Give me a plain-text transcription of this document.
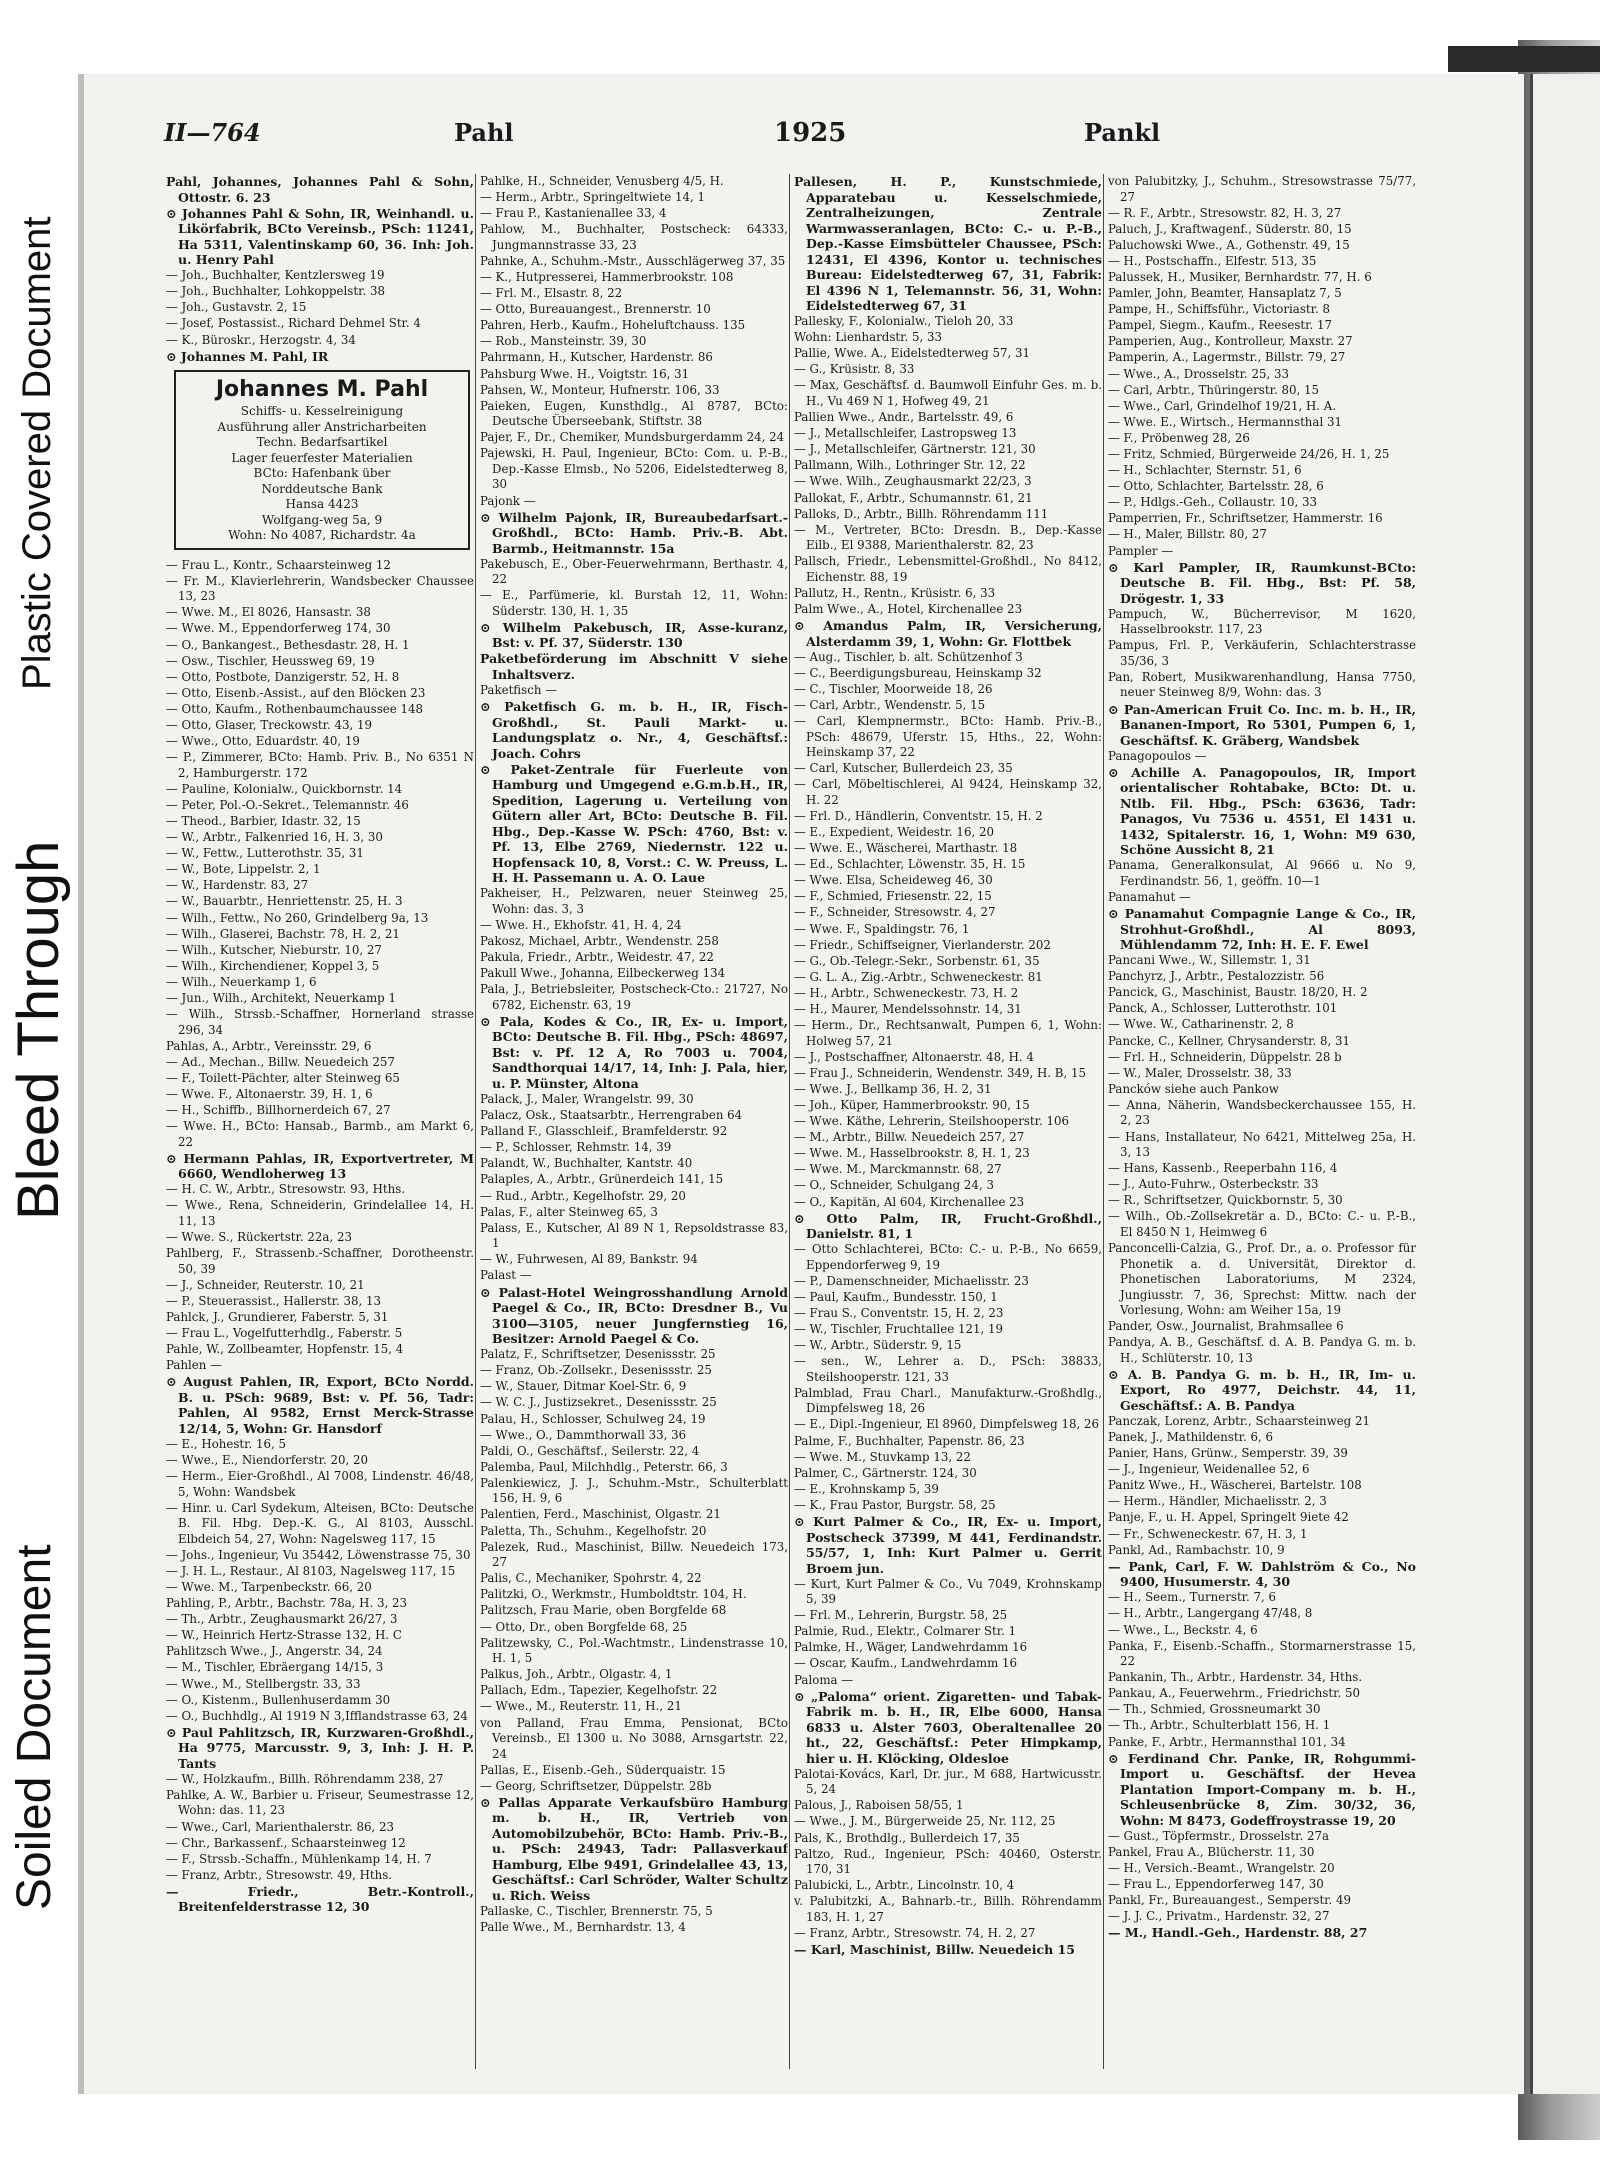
Plastic Covered Document
Bleed Through
Soiled Document
II—764	Pahl	1925	Pankl
Pahl, Johannes, Johannes Pahl & Sohn, Ottostr. 6. 23
⊙ Johannes Pahl & Sohn, IR, Weinhandl. u. Likörfabrik, BCto Vereinsb., PSch: 11241, Ha 5311, Valentinskamp 60, 36. Inh: Joh. u. Henry Pahl
— Joh., Buchhalter, Kentzlersweg 19
— Joh., Buchhalter, Lohkoppelstr. 38
— Joh., Gustavstr. 2, 15
— Josef, Postassist., Richard Dehmel Str. 4
— K., Büroskr., Herzogstr. 4, 34
⊙ Johannes M. Pahl, IR
Johannes M. Pahl
Schiffs- u. Kesselreinigung
Ausführung aller Anstricharbeiten
Techn. Bedarfsartikel
Lager feuerfester Materialien
BCto: Hafenbank über
Norddeutsche Bank
Hansa 4423
Wolfgang-weg 5a, 9
Wohn: No 4087, Richardstr. 4a
— Frau L., Kontr., Schaarsteinweg 12
— Fr. M., Klavierlehrerin, Wandsbecker Chaussee 13, 23
— Wwe. M., El 8026, Hansastr. 38
— Wwe. M., Eppendorferweg 174, 30
— O., Bankangest., Bethesdastr. 28, H. 1
— Osw., Tischler, Heussweg 69, 19
— Otto, Postbote, Danzigerstr. 52, H. 8
— Otto, Eisenb.-Assist., auf den Blöcken 23
— Otto, Kaufm., Rothenbaumchaussee 148
— Otto, Glaser, Treckowstr. 43, 19
— Wwe., Otto, Eduardstr. 40, 19
— P., Zimmerer, BCto: Hamb. Priv. B., No 6351 N 2, Hamburgerstr. 172
— Pauline, Kolonialw., Quickbornstr. 14
— Peter, Pol.-O.-Sekret., Telemannstr. 46
— Theod., Barbier, Idastr. 32, 15
— W., Arbtr., Falkenried 16, H. 3, 30
— W., Fettw., Lutterothstr. 35, 31
— W., Bote, Lippelstr. 2, 1
— W., Hardenstr. 83, 27
— W., Bauarbtr., Henriettenstr. 25, H. 3
— Wilh., Fettw., No 260, Grindelberg 9a, 13
— Wilh., Glaserei, Bachstr. 78, H. 2, 21
— Wilh., Kutscher, Nieburstr. 10, 27
— Wilh., Kirchendiener, Koppel 3, 5
— Wilh., Neuerkamp 1, 6
— Jun., Wilh., Architekt, Neuerkamp 1
— Wilh., Strssb.-Schaffner, Hornerland strasse 296, 34
Pahlas, A., Arbtr., Vereinsstr. 29, 6
— Ad., Mechan., Billw. Neuedeich 257
— F., Toilett-Pächter, alter Steinweg 65
— Wwe. F., Altonaerstr. 39, H. 1, 6
— H., Schiffb., Billhornerdeich 67, 27
— Wwe. H., BCto: Hansab., Barmb., am Markt 6, 22
⊙ Hermann Pahlas, IR, Exportvertreter, M 6660, Wendloherweg 13
— H. C. W., Arbtr., Stresowstr. 93, Hths.
— Wwe., Rena, Schneiderin, Grindelallee 14, H. 11, 13
— Wwe. S., Rückertstr. 22a, 23
Pahlberg, F., Strassenb.-Schaffner, Dorotheenstr. 50, 39
— J., Schneider, Reuterstr. 10, 21
— P., Steuerassist., Hallerstr. 38, 13
Pahlck, J., Grundierer, Faberstr. 5, 31
— Frau L., Vogelfutterhdlg., Faberstr. 5
Pahle, W., Zollbeamter, Hopfenstr. 15, 4
Pahlen —
⊙ August Pahlen, IR, Export, BCto Nordd. B. u. PSch: 9689, Bst: v. Pf. 56, Tadr: Pahlen, Al 9582, Ernst Merck-Strasse 12/14, 5, Wohn: Gr. Hansdorf
— E., Hohestr. 16, 5
— Wwe., E., Niendorferstr. 20, 20
— Herm., Eier-Großhdl., Al 7008, Lindenstr. 46/48, 5, Wohn: Wandsbek
— Hinr. u. Carl Sydekum, Alteisen, BCto: Deutsche B. Fil. Hbg. Dep.-K. G., Al 8103, Ausschl. Elbdeich 54, 27, Wohn: Nagelsweg 117, 15
— Johs., Ingenieur, Vu 35442, Löwenstrasse 75, 30
— J. H. L., Restaur., Al 8103, Nagelsweg 117, 15
— Wwe. M., Tarpenbeckstr. 66, 20
Pahling, P., Arbtr., Bachstr. 78a, H. 3, 23
— Th., Arbtr., Zeughausmarkt 26/27, 3
— W., Heinrich Hertz-Strasse 132, H. C
Pahlitzsch Wwe., J., Angerstr. 34, 24
— M., Tischler, Ebräergang 14/15, 3
— Wwe., M., Stellbergstr. 33, 33
— O., Kistenm., Bullenhuserdamm 30
— O., Buchhdlg., Al 1919 N 3,Ifflandstrasse 63, 24
⊙ Paul Pahlitzsch, IR, Kurzwaren-Großhdl., Ha 9775, Marcusstr. 9, 3, Inh: J. H. P. Tants
— W., Holzkaufm., Billh. Röhrendamm 238, 27
Pahlke, A. W., Barbier u. Friseur, Seumestrasse 12, Wohn: das. 11, 23
— Wwe., Carl, Marienthalerstr. 86, 23
— Chr., Barkassenf., Schaarsteinweg 12
— F., Strssb.-Schaffn., Mühlenkamp 14, H. 7
— Franz, Arbtr., Stresowstr. 49, Hths.
— Friedr., Betr.-Kontroll., Breitenfelderstrasse 12, 30
Pahlke, H., Schneider, Venusberg 4/5, H.
— Herm., Arbtr., Springeltwiete 14, 1
— Frau P., Kastanienallee 33, 4
Pahlow, M., Buchhalter, Postscheck: 64333, Jungmannstrasse 33, 23
Pahnke, A., Schuhm.-Mstr., Ausschlägerweg 37, 35
— K., Hutpresserei, Hammerbrookstr. 108
— Frl. M., Elsastr. 8, 22
— Otto, Bureauangest., Brennerstr. 10
Pahren, Herb., Kaufm., Hoheluftchauss. 135
— Rob., Mansteinstr. 39, 30
Pahrmann, H., Kutscher, Hardenstr. 86
Pahsburg Wwe. H., Voigtstr. 16, 31
Pahsen, W., Monteur, Hufnerstr. 106, 33
Paieken, Eugen, Kunsthdlg., Al 8787, BCto: Deutsche Überseebank, Stiftstr. 38
Pajer, F., Dr., Chemiker, Mundsburgerdamm 24, 24
Pajewski, H. Paul, Ingenieur, BCto: Com. u. P.-B., Dep.-Kasse Elmsb., No 5206, Eidelstedterweg 8, 30
Pajonk —
⊙ Wilhelm Pajonk, IR, Bureaubedarfsart.-Großhdl., BCto: Hamb. Priv.-B. Abt. Barmb., Heitmannstr. 15a
Pakebusch, E., Ober-Feuerwehrmann, Berthastr. 4, 22
— E., Parfümerie, kl. Burstah 12, 11, Wohn: Süderstr. 130, H. 1, 35
⊙ Wilhelm Pakebusch, IR, Asse-kuranz, Bst: v. Pf. 37, Süderstr. 130
Paketbeförderung im Abschnitt V siehe Inhaltsverz.
Paketfisch —
⊙ Paketfisch G. m. b. H., IR, Fisch-Großhdl., St. Pauli Markt- u. Landungsplatz o. Nr., 4, Geschäftsf.: Joach. Cohrs
⊙ Paket-Zentrale für Fuerleute von Hamburg und Umgegend e.G.m.b.H., IR, Spedition, Lagerung u. Verteilung von Gütern aller Art, BCto: Deutsche B. Fil. Hbg., Dep.-Kasse W. PSch: 4760, Bst: v. Pf. 13, Elbe 2769, Niedernstr. 122 u. Hopfensack 10, 8, Vorst.: C. W. Preuss, L. H. H. Passemann u. A. O. Laue
Pakheiser, H., Pelzwaren, neuer Steinweg 25, Wohn: das. 3, 3
— Wwe. H., Ekhofstr. 41, H. 4, 24
Pakosz, Michael, Arbtr., Wendenstr. 258
Pakula, Friedr., Arbtr., Weidestr. 47, 22
Pakull Wwe., Johanna, Eilbeckerweg 134
Pala, J., Betriebsleiter, Postscheck-Cto.: 21727, No 6782, Eichenstr. 63, 19
⊙ Pala, Kodes & Co., IR, Ex- u. Import, BCto: Deutsche B. Fil. Hbg., PSch: 48697, Bst: v. Pf. 12 A, Ro 7003 u. 7004, Sandthorquai 14/17, 14, Inh: J. Pala, hier, u. P. Münster, Altona
Palack, J., Maler, Wrangelstr. 99, 30
Palacz, Osk., Staatsarbtr., Herrengraben 64
Palland F., Glasschleif., Bramfelderstr. 92
— P., Schlosser, Rehmstr. 14, 39
Palandt, W., Buchhalter, Kantstr. 40
Palaples, A., Arbtr., Grünerdeich 141, 15
— Rud., Arbtr., Kegelhofstr. 29, 20
Palas, F., alter Steinweg 65, 3
Palass, E., Kutscher, Al 89 N 1, Repsoldstrasse 83, 1
— W., Fuhrwesen, Al 89, Bankstr. 94
Palast —
⊙ Palast-Hotel Weingrosshandlung Arnold Paegel & Co., IR, BCto: Dresdner B., Vu 3100—3105, neuer Jungfernstieg 16, Besitzer: Arnold Paegel & Co.
Palatz, F., Schriftsetzer, Desenissstr. 25
— Franz, Ob.-Zollsekr., Desenissstr. 25
— W., Stauer, Ditmar Koel-Str. 6, 9
— W. C. J., Justizsekret., Desenissstr. 25
Palau, H., Schlosser, Schulweg 24, 19
— Wwe., O., Dammthorwall 33, 36
Paldi, O., Geschäftsf., Seilerstr. 22, 4
Palemba, Paul, Milchhdlg., Peterstr. 66, 3
Palenkiewicz, J. J., Schuhm.-Mstr., Schulterblatt 156, H. 9, 6
Palentien, Ferd., Maschinist, Olgastr. 21
Paletta, Th., Schuhm., Kegelhofstr. 20
Palezek, Rud., Maschinist, Billw. Neuedeich 173, 27
Palis, C., Mechaniker, Spohrstr. 4, 22
Palitzki, O., Werkmstr., Humboldtstr. 104, H.
Palitzsch, Frau Marie, oben Borgfelde 68
— Otto, Dr., oben Borgfelde 68, 25
Palitzewsky, C., Pol.-Wachtmstr., Lindenstrasse 10, H. 1, 5
Palkus, Joh., Arbtr., Olgastr. 4, 1
Pallach, Edm., Tapezier, Kegelhofstr. 22
— Wwe., M., Reuterstr. 11, H., 21
von Palland, Frau Emma, Pensionat, BCto Vereinsb., El 1300 u. No 3088, Arnsgartstr. 22, 24
Pallas, E., Eisenb.-Geh., Süderquaistr. 15
— Georg, Schriftsetzer, Düppelstr. 28b
⊙ Pallas Apparate Verkaufsbüro Hamburg m. b. H., IR, Vertrieb von Automobilzubehör, BCto: Hamb. Priv.-B., u. PSch: 24943, Tadr: Pallasverkauf Hamburg, Elbe 9491, Grindelallee 43, 13, Geschäftsf.: Carl Schröder, Walter Schultz u. Rich. Weiss
Pallaske, C., Tischler, Brennerstr. 75, 5
Palle Wwe., M., Bernhardstr. 13, 4
Pallesen, H. P., Kunstschmiede, Apparatebau u. Kesselschmiede, Zentralheizungen, Zentrale Warmwasseranlagen, BCto: C.- u. P.-B., Dep.-Kasse Eimsbütteler Chaussee, PSch: 12431, El 4396, Kontor u. technisches Bureau: Eidelstedterweg 67, 31, Fabrik: El 4396 N 1, Telemannstr. 56, 31, Wohn: Eidelstedterweg 67, 31
Pallesky, F., Kolonialw., Tieloh 20, 33
Wohn: Lienhardstr. 5, 33
Pallie, Wwe. A., Eidelstedterweg 57, 31
— G., Krüsistr. 8, 33
— Max, Geschäftsf. d. Baumwoll Einfuhr Ges. m. b. H., Vu 469 N 1, Hofweg 49, 21
Pallien Wwe., Andr., Bartelsstr. 49, 6
— J., Metallschleifer, Lastropsweg 13
— J., Metallschleifer, Gärtnerstr. 121, 30
Pallmann, Wilh., Lothringer Str. 12, 22
— Wwe. Wilh., Zeughausmarkt 22/23, 3
Pallokat, F., Arbtr., Schumannstr. 61, 21
Palloks, D., Arbtr., Billh. Röhrendamm 111
— M., Vertreter, BCto: Dresdn. B., Dep.-Kasse Eilb., El 9388, Marienthalerstr. 82, 23
Pallsch, Friedr., Lebensmittel-Großhdl., No 8412, Eichenstr. 88, 19
Pallutz, H., Rentn., Krüsistr. 6, 33
Palm Wwe., A., Hotel, Kirchenallee 23
⊙ Amandus Palm, IR, Versicherung, Alsterdamm 39, 1, Wohn: Gr. Flottbek
— Aug., Tischler, b. alt. Schützenhof 3
— C., Beerdigungsbureau, Heinskamp 32
— C., Tischler, Moorweide 18, 26
— Carl, Arbtr., Wendenstr. 5, 15
— Carl, Klempnermstr., BCto: Hamb. Priv.-B., PSch: 48679, Uferstr. 15, Hths., 22, Wohn: Heinskamp 37, 22
— Carl, Kutscher, Bullerdeich 23, 35
— Carl, Möbeltischlerei, Al 9424, Heinskamp 32, H. 22
— Frl. D., Händlerin, Conventstr. 15, H. 2
— E., Expedient, Weidestr. 16, 20
— Wwe. E., Wäscherei, Marthastr. 18
— Ed., Schlachter, Löwenstr. 35, H. 15
— Wwe. Elsa, Scheideweg 46, 30
— F., Schmied, Friesenstr. 22, 15
— F., Schneider, Stresowstr. 4, 27
— Wwe. F., Spaldingstr. 76, 1
— Friedr., Schiffseigner, Vierlanderstr. 202
— G., Ob.-Telegr.-Sekr., Sorbenstr. 61, 35
— G. L. A., Zig.-Arbtr., Schweneckestr. 81
— H., Arbtr., Schweneckestr. 73, H. 2
— H., Maurer, Mendelssohnstr. 14, 31
— Herm., Dr., Rechtsanwalt, Pumpen 6, 1, Wohn: Holweg 57, 21
— J., Postschaffner, Altonaerstr. 48, H. 4
— Frau J., Schneiderin, Wendenstr. 349, H. B, 15
— Wwe. J., Bellkamp 36, H. 2, 31
— Joh., Küper, Hammerbrookstr. 90, 15
— Wwe. Käthe, Lehrerin, Steilshooperstr. 106
— M., Arbtr., Billw. Neuedeich 257, 27
— Wwe. M., Hasselbrookstr. 8, H. 1, 23
— Wwe. M., Marckmannstr. 68, 27
— O., Schneider, Schulgang 24, 3
— O., Kapitän, Al 604, Kirchenallee 23
⊙ Otto Palm, IR, Frucht-Großhdl., Danielstr. 81, 1
— Otto Schlachterei, BCto: C.- u. P.-B., No 6659, Eppendorferweg 9, 19
— P., Damenschneider, Michaelisstr. 23
— Paul, Kaufm., Bundesstr. 150, 1
— Frau S., Conventstr. 15, H. 2, 23
— W., Tischler, Fruchtallee 121, 19
— W., Arbtr., Süderstr. 9, 15
— sen., W., Lehrer a. D., PSch: 38833, Steilshooperstr. 121, 33
Palmblad, Frau Charl., Manufakturw.-Großhdlg., Dimpfelsweg 18, 26
— E., Dipl.-Ingenieur, El 8960, Dimpfelsweg 18, 26
Palme, F., Buchhalter, Papenstr. 86, 23
— Wwe. M., Stuvkamp 13, 22
Palmer, C., Gärtnerstr. 124, 30
— E., Krohnskamp 5, 39
— K., Frau Pastor, Burgstr. 58, 25
⊙ Kurt Palmer & Co., IR, Ex- u. Import, Postscheck 37399, M 441, Ferdinandstr. 55/57, 1, Inh: Kurt Palmer u. Gerrit Broem jun.
— Kurt, Kurt Palmer & Co., Vu 7049, Krohnskamp 5, 39
— Frl. M., Lehrerin, Burgstr. 58, 25
Palmie, Rud., Elektr., Colmarer Str. 1
Palmke, H., Wäger, Landwehrdamm 16
— Oscar, Kaufm., Landwehrdamm 16
Paloma —
⊙ „Paloma“ orient. Zigaretten- und Tabak-Fabrik m. b. H., IR, Elbe 6000, Hansa 6833 u. Alster 7603, Oberaltenallee 20 ht., 22, Geschäftsf.: Peter Himpkamp, hier u. H. Klöcking, Oldesloe
Palotai-Kovács, Karl, Dr. jur., M 688, Hartwicusstr. 5, 24
Palous, J., Raboisen 58/55, 1
— Wwe., J. M., Bürgerweide 25, Nr. 112, 25
Pals, K., Brothdlg., Bullerdeich 17, 35
Paltzo, Rud., Ingenieur, PSch: 40460, Osterstr. 170, 31
Palubicki, L., Arbtr., Lincolnstr. 10, 4
v. Palubitzki, A., Bahnarb.-tr., Billh. Röhrendamm 183, H. 1, 27
— Franz, Arbtr., Stresowstr. 74, H. 2, 27
— Karl, Maschinist, Billw. Neuedeich 15
von Palubitzky, J., Schuhm., Stresowstrasse 75/77, 27
— R. F., Arbtr., Stresowstr. 82, H. 3, 27
Paluch, J., Kraftwagenf., Süderstr. 80, 15
Paluchowski Wwe., A., Gothenstr. 49, 15
— H., Postschaffn., Elfestr. 513, 35
Palussek, H., Musiker, Bernhardstr. 77, H. 6
Pamler, John, Beamter, Hansaplatz 7, 5
Pampe, H., Schiffsführ., Victoriastr. 8
Pampel, Siegm., Kaufm., Reesestr. 17
Pamperien, Aug., Kontrolleur, Maxstr. 27
Pamperin, A., Lagermstr., Billstr. 79, 27
— Wwe., A., Drosselstr. 25, 33
— Carl, Arbtr., Thüringerstr. 80, 15
— Wwe., Carl, Grindelhof 19/21, H. A.
— Wwe. E., Wirtsch., Hermannsthal 31
— F., Pröbenweg 28, 26
— Fritz, Schmied, Bürgerweide 24/26, H. 1, 25
— H., Schlachter, Sternstr. 51, 6
— Otto, Schlachter, Bartelsstr. 28, 6
— P., Hdlgs.-Geh., Collaustr. 10, 33
Pamperrien, Fr., Schriftsetzer, Hammerstr. 16
— H., Maler, Billstr. 80, 27
Pampler —
⊙ Karl Pampler, IR, Raumkunst-BCto: Deutsche B. Fil. Hbg., Bst: Pf. 58, Drögestr. 1, 33
Pampuch, W., Bücherrevisor, M 1620, Hasselbrookstr. 117, 23
Pampus, Frl. P., Verkäuferin, Schlachterstrasse 35/36, 3
Pan, Robert, Musikwarenhandlung, Hansa 7750, neuer Steinweg 8/9, Wohn: das. 3
⊙ Pan-American Fruit Co. Inc. m. b. H., IR, Bananen-Import, Ro 5301, Pumpen 6, 1, Geschäftsf. K. Gräberg, Wandsbek
Panagopoulos —
⊙ Achille A. Panagopoulos, IR, Import orientalischer Rohtabake, BCto: Dt. u. Ntlb. Fil. Hbg., PSch: 63636, Tadr: Panagos, Vu 7536 u. 4551, El 1431 u. 1432, Spitalerstr. 16, 1, Wohn: M9 630, Schöne Aussicht 8, 21
Panama, Generalkonsulat, Al 9666 u. No 9, Ferdinandstr. 56, 1, geöffn. 10—1
Panamahut —
⊙ Panamahut Compagnie Lange & Co., IR, Strohhut-Großhdl., Al 8093, Mühlendamm 72, Inh: H. E. F. Ewel
Pancani Wwe., W., Sillemstr. 1, 31
Panchyrz, J., Arbtr., Pestalozzistr. 56
Pancick, G., Maschinist, Baustr. 18/20, H. 2
Panck, A., Schlosser, Lutterothstr. 101
— Wwe. W., Catharinenstr. 2, 8
Pancke, C., Kellner, Chrysanderstr. 8, 31
— Frl. H., Schneiderin, Düppelstr. 28 b
— W., Maler, Drosselstr. 38, 33
Pancków siehe auch Pankow
— Anna, Näherin, Wandsbeckerchaussee 155, H. 2, 23
— Hans, Installateur, No 6421, Mittelweg 25a, H. 3, 13
— Hans, Kassenb., Reeperbahn 116, 4
— J., Auto-Fuhrw., Osterbeckstr. 33
— R., Schriftsetzer, Quickbornstr. 5, 30
— Wilh., Ob.-Zollsekretär a. D., BCto: C.- u. P.-B., El 8450 N 1, Heimweg 6
Panconcelli-Calzia, G., Prof. Dr., a. o. Professor für Phonetik a. d. Universität, Direktor d. Phonetischen Laboratoriums, M 2324, Jungiusstr. 7, 36, Sprechst: Mittw. nach der Vorlesung, Wohn: am Weiher 15a, 19
Pander, Osw., Journalist, Brahmsallee 6
Pandya, A. B., Geschäftsf. d. A. B. Pandya G. m. b. H., Schlüterstr. 10, 13
⊙ A. B. Pandya G. m. b. H., IR, Im- u. Export, Ro 4977, Deichstr. 44, 11, Geschäftsf.: A. B. Pandya
Panczak, Lorenz, Arbtr., Schaarsteinweg 21
Panek, J., Mathildenstr. 6, 6
Panier, Hans, Grünw., Semperstr. 39, 39
— J., Ingenieur, Weidenallee 52, 6
Panitz Wwe., H., Wäscherei, Bartelstr. 108
— Herm., Händler, Michaelisstr. 2, 3
Panje, F., u. H. Appel, Springelt 9iete 42
— Fr., Schweneckestr. 67, H. 3, 1
Pankl, Ad., Rambachstr. 10, 9
— Pank, Carl, F. W. Dahlström & Co., No 9400, Husumerstr. 4, 30
— H., Seem., Turnerstr. 7, 6
— H., Arbtr., Langergang 47/48, 8
— Wwe., L., Beckstr. 4, 6
Panka, F., Eisenb.-Schaffn., Stormarnerstrasse 15, 22
Pankanin, Th., Arbtr., Hardenstr. 34, Hths.
Pankau, A., Feuerwehrm., Friedrichstr. 50
— Th., Schmied, Grossneumarkt 30
— Th., Arbtr., Schulterblatt 156, H. 1
Panke, F., Arbtr., Hermannsthal 101, 34
⊙ Ferdinand Chr. Panke, IR, Rohgummi-Import u. Geschäftsf. der Hevea Plantation Import-Company m. b. H., Schleusenbrücke 8, Zim. 30/32, 36, Wohn: M 8473, Godeffroystrasse 19, 20
— Gust., Töpfermstr., Drosselstr. 27a
Pankel, Frau A., Blücherstr. 11, 30
— H., Versich.-Beamt., Wrangelstr. 20
— Frau L., Eppendorferweg 147, 30
Pankl, Fr., Bureauangest., Semperstr. 49
— J. J. C., Privatm., Hardenstr. 32, 27
— M., Handl.-Geh., Hardenstr. 88, 27
